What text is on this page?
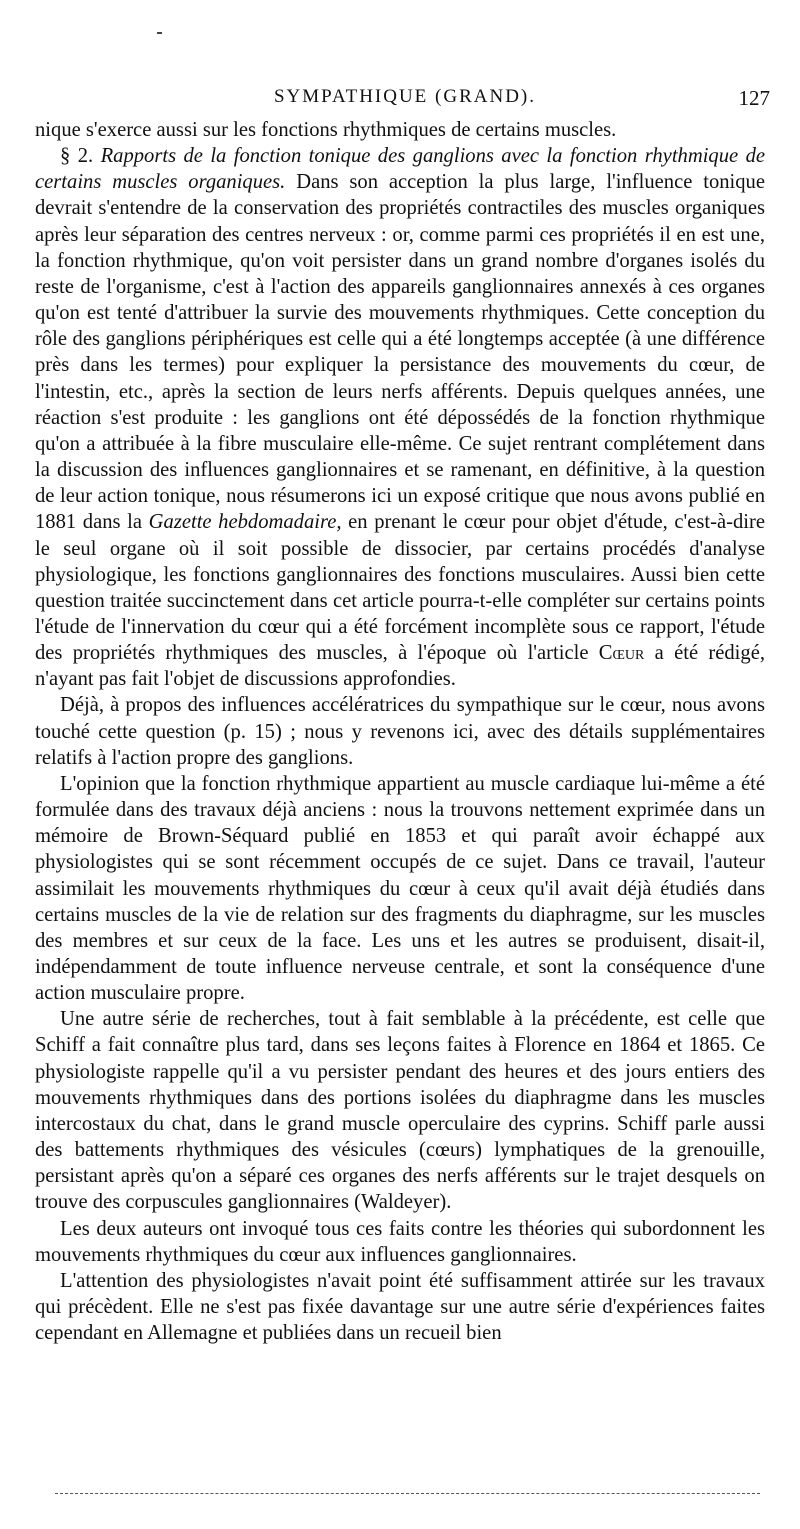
SYMPATHIQUE (GRAND).	127

nique s'exerce aussi sur les fonctions rhythmiques de certains muscles.

§ 2. Rapports de la fonction tonique des ganglions avec la fonction rhythmique de certains muscles organiques. Dans son acception la plus large, l'influence tonique devrait s'entendre de la conservation des propriétés contractiles des muscles organiques après leur séparation des centres nerveux : or, comme parmi ces propriétés il en est une, la fonction rhythmique, qu'on voit persister dans un grand nombre d'organes isolés du reste de l'organisme, c'est à l'action des appareils ganglionnaires annexés à ces organes qu'on est tenté d'attribuer la survie des mouvements rhythmiques. Cette conception du rôle des ganglions périphériques est celle qui a été longtemps acceptée (à une différence près dans les termes) pour expliquer la persistance des mouvements du cœur, de l'intestin, etc., après la section de leurs nerfs afférents. Depuis quelques années, une réaction s'est produite : les ganglions ont été dépossédés de la fonction rhythmique qu'on a attribuée à la fibre musculaire elle-même. Ce sujet rentrant complétement dans la discussion des influences ganglionnaires et se ramenant, en définitive, à la question de leur action tonique, nous résumerons ici un exposé critique que nous avons publié en 1881 dans la Gazette hebdomadaire, en prenant le cœur pour objet d'étude, c'est-à-dire le seul organe où il soit possible de dissocier, par certains procédés d'analyse physiologique, les fonctions ganglionnaires des fonctions musculaires. Aussi bien cette question traitée succinctement dans cet article pourra-t-elle compléter sur certains points l'étude de l'innervation du cœur qui a été forcément incomplète sous ce rapport, l'étude des propriétés rhythmiques des muscles, à l'époque où l'article Cœur a été rédigé, n'ayant pas fait l'objet de discussions approfondies.

Déjà, à propos des influences accélératrices du sympathique sur le cœur, nous avons touché cette question (p. 15) ; nous y revenons ici, avec des détails supplémentaires relatifs à l'action propre des ganglions.

L'opinion que la fonction rhythmique appartient au muscle cardiaque lui-même a été formulée dans des travaux déjà anciens : nous la trouvons nettement exprimée dans un mémoire de Brown-Séquard publié en 1853 et qui paraît avoir échappé aux physiologistes qui se sont récemment occupés de ce sujet. Dans ce travail, l'auteur assimilait les mouvements rhythmiques du cœur à ceux qu'il avait déjà étudiés dans certains muscles de la vie de relation sur des fragments du diaphragme, sur les muscles des membres et sur ceux de la face. Les uns et les autres se produisent, disait-il, indépendamment de toute influence nerveuse centrale, et sont la conséquence d'une action musculaire propre.

Une autre série de recherches, tout à fait semblable à la précédente, est celle que Schiff a fait connaître plus tard, dans ses leçons faites à Florence en 1864 et 1865. Ce physiologiste rappelle qu'il a vu persister pendant des heures et des jours entiers des mouvements rhythmiques dans des portions isolées du diaphragme dans les muscles intercostaux du chat, dans le grand muscle operculaire des cyprins. Schiff parle aussi des battements rhythmiques des vésicules (cœurs) lymphatiques de la grenouille, persistant après qu'on a séparé ces organes des nerfs afférents sur le trajet desquels on trouve des corpuscules ganglionnaires (Waldeyer).

Les deux auteurs ont invoqué tous ces faits contre les théories qui subordonnent les mouvements rhythmiques du cœur aux influences ganglionnaires.

L'attention des physiologistes n'avait point été suffisamment attirée sur les travaux qui précèdent. Elle ne s'est pas fixée davantage sur une autre série d'expériences faites cependant en Allemagne et publiées dans un recueil bien
